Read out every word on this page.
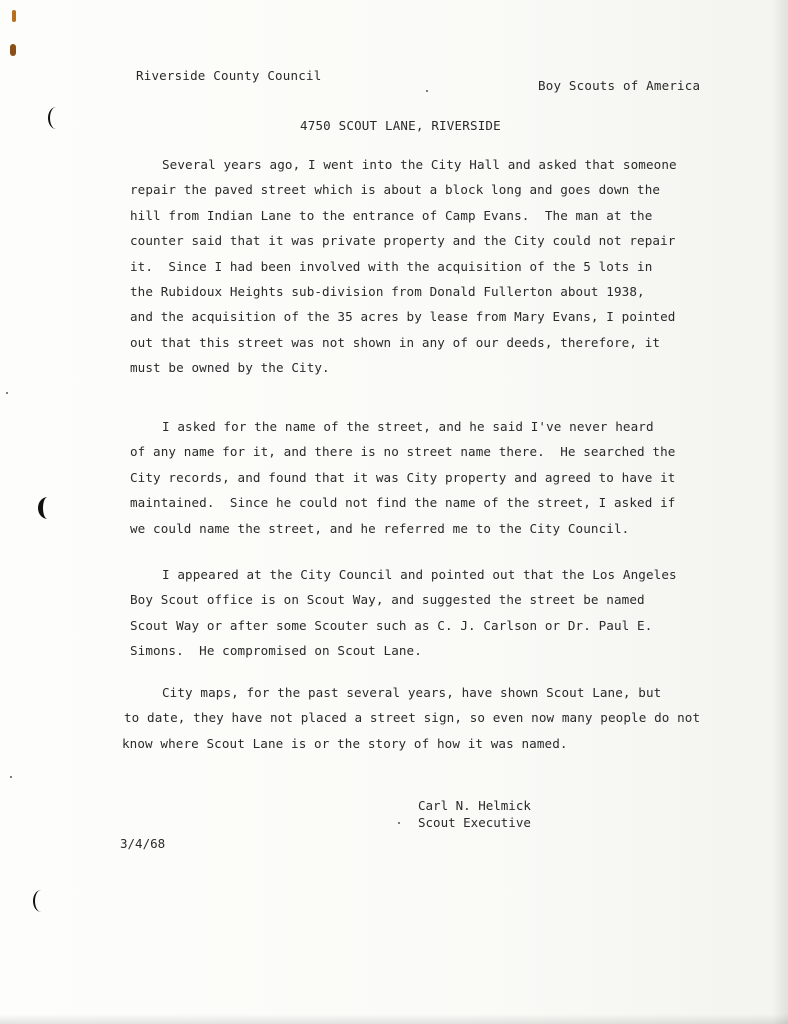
Riverside County Council
Boy Scouts of America
4750 SCOUT LANE, RIVERSIDE
Several years ago, I went into the City Hall and asked that someone
repair the paved street which is about a block long and goes down the
hill from Indian Lane to the entrance of Camp Evans.  The man at the
counter said that it was private property and the City could not repair
it.  Since I had been involved with the acquisition of the 5 lots in
the Rubidoux Heights sub-division from Donald Fullerton about 1938,
and the acquisition of the 35 acres by lease from Mary Evans, I pointed
out that this street was not shown in any of our deeds, therefore, it
must be owned by the City.
I asked for the name of the street, and he said I've never heard
of any name for it, and there is no street name there.  He searched the
City records, and found that it was City property and agreed to have it
maintained.  Since he could not find the name of the street, I asked if
we could name the street, and he referred me to the City Council.
I appeared at the City Council and pointed out that the Los Angeles
Boy Scout office is on Scout Way, and suggested the street be named
Scout Way or after some Scouter such as C. J. Carlson or Dr. Paul E.
Simons.  He compromised on Scout Lane.
City maps, for the past several years, have shown Scout Lane, but
to date, they have not placed a street sign, so even now many people do not
know where Scout Lane is or the story of how it was named.
Carl N. Helmick
Scout Executive
3/4/68
